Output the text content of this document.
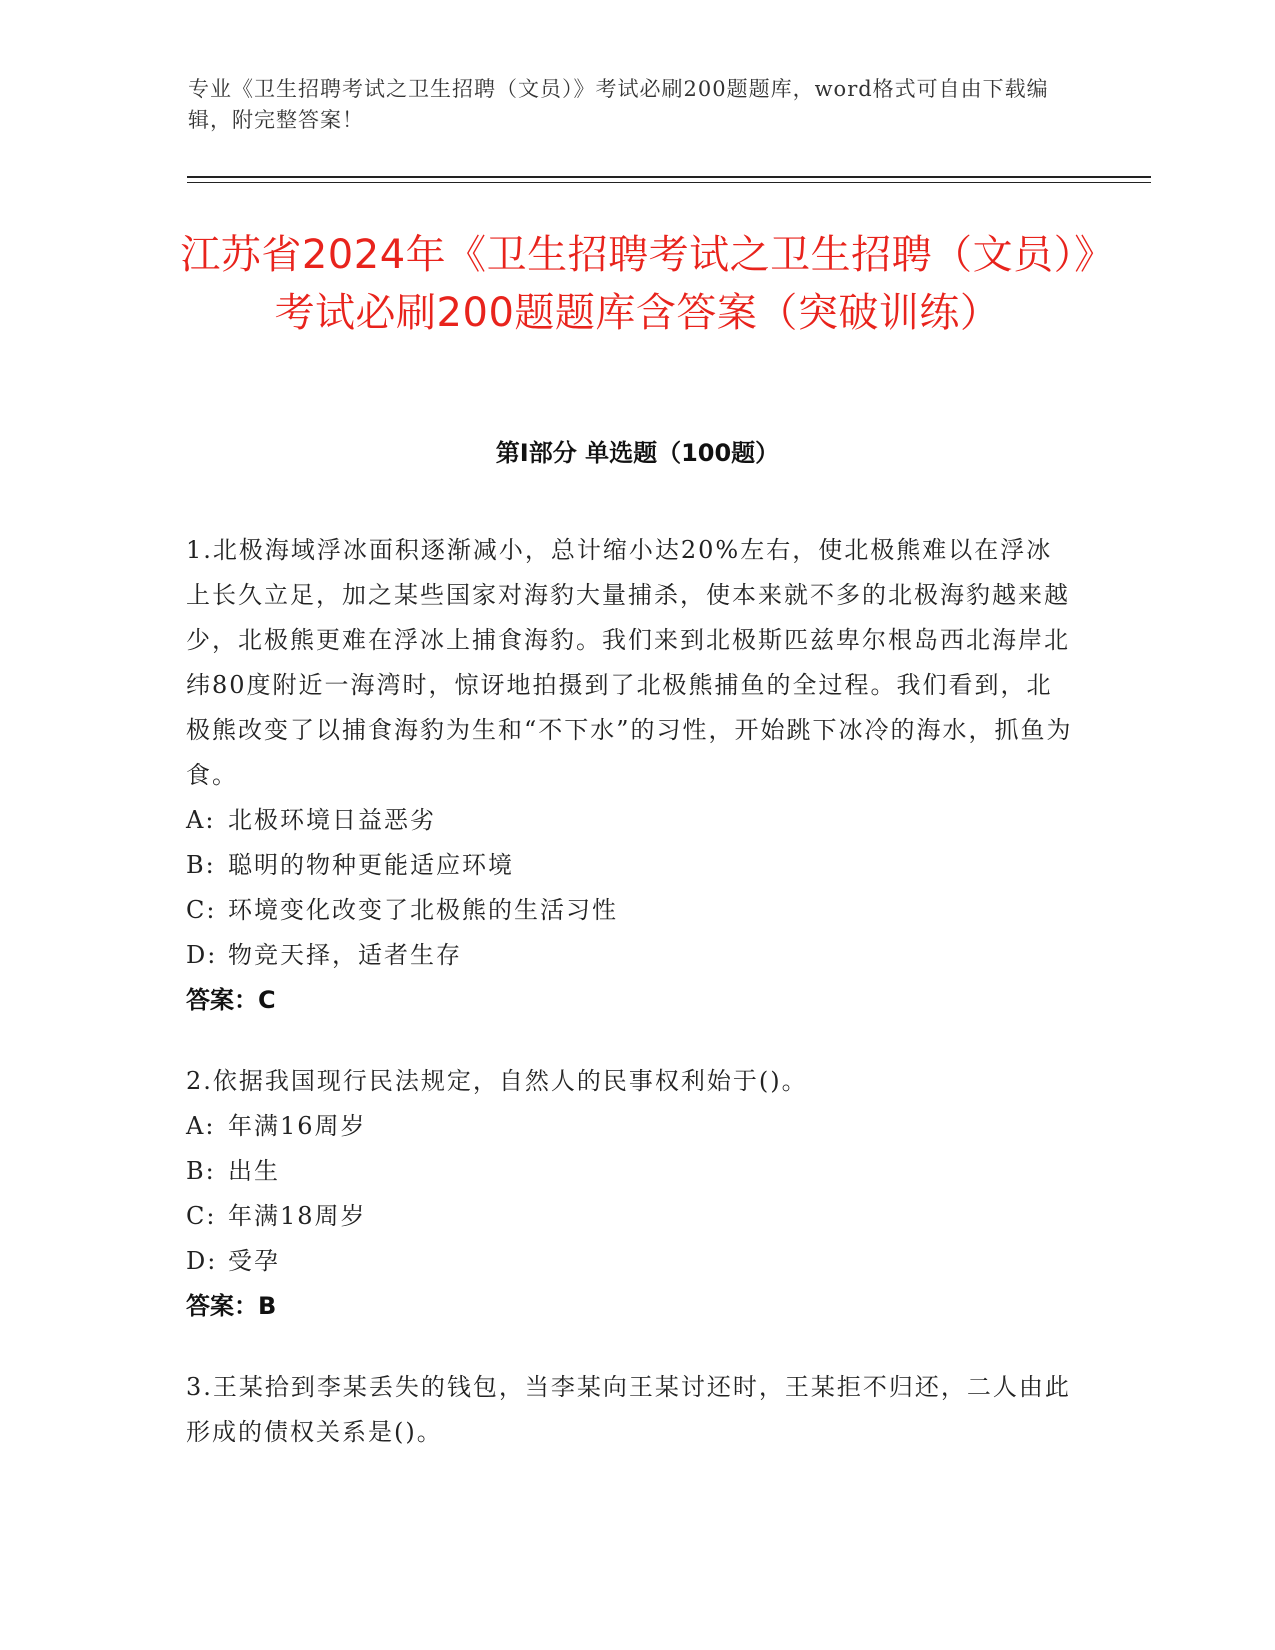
专业《卫生招聘考试之卫生招聘（文员）》考试必刷200题题库，word格式可自由下载编辑，附完整答案！
江苏省2024年《卫生招聘考试之卫生招聘（文员）》考试必刷200题题库含答案（突破训练）
第I部分 单选题（100题）

1.北极海域浮冰面积逐渐减小，总计缩小达20%左右，使北极熊难以在浮冰上长久立足，加之某些国家对海豹大量捕杀，使本来就不多的北极海豹越来越少，北极熊更难在浮冰上捕食海豹。我们来到北极斯匹兹卑尔根岛西北海岸北纬80度附近一海湾时，惊讶地拍摄到了北极熊捕鱼的全过程。我们看到，北极熊改变了以捕食海豹为生和“不下水”的习性，开始跳下冰冷的海水，抓鱼为食。

A: 北极环境日益恶劣

B: 聪明的物种更能适应环境

C: 环境变化改变了北极熊的生活习性

D: 物竞天择，适者生存

答案：C

2.依据我国现行民法规定，自然人的民事权利始于()。

A: 年满16周岁

B: 出生

C: 年满18周岁

D: 受孕

答案：B

3.王某拾到李某丢失的钱包，当李某向王某讨还时，王某拒不归还，二人由此形成的债权关系是()。
